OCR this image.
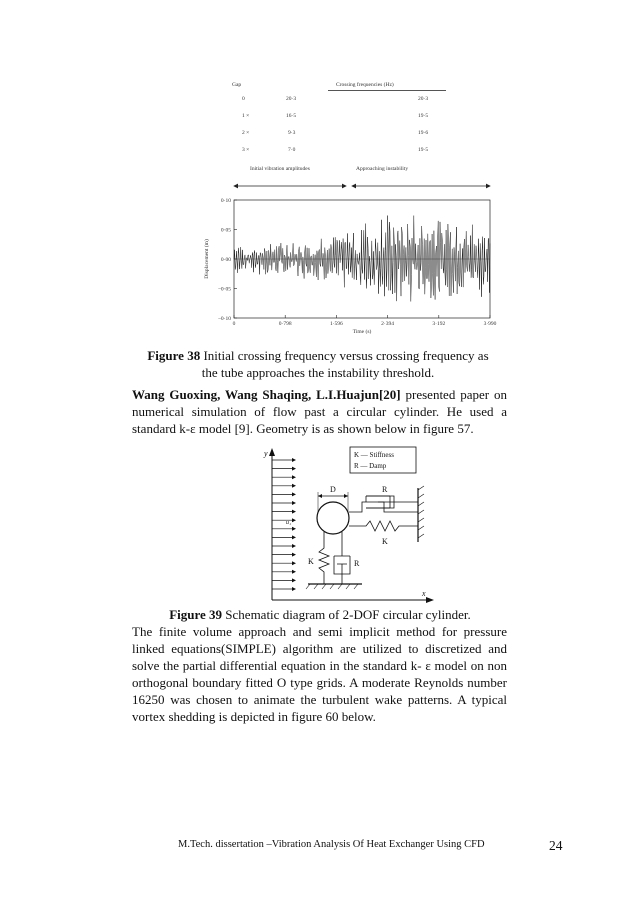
Gap	Crossing frequencies (Hz)
0	20·3	20·3
1 ×	16·5	19·5
2 ×	9·3	19·6
3 ×	7·0	19·5
Initial vibration amplitudes	Approaching instability
0·10
0·05
0·00
−0·05
−0·10
0	0·798	1·596	2·394	3·192	3·990
Displacement (m)
Time (s)
Figure 38 Initial crossing frequency versus crossing frequency as the tube approaches the instability threshold.
Wang Guoxing, Wang Shaqing, L.I.Huajun[20] presented paper on numerical simulation of flow past a circular cylinder. He used a standard k-ε model [9]. Geometry is as shown below in figure 57.
y
x
u₁
K — Stiffness
R — Damp
D	R
K
K	R
Figure 39 Schematic diagram of 2-DOF circular cylinder.
The finite volume approach and semi implicit method for pressure linked equations(SIMPLE) algorithm are utilized to discretized and solve the partial differential equation in the standard k- ε model on non orthogonal boundary fitted O type grids. A moderate Reynolds number 16250 was chosen to animate the turbulent wake patterns. A typical vortex shedding is depicted in figure 60 below.
M.Tech. dissertation –Vibration Analysis Of Heat Exchanger Using CFD	24
